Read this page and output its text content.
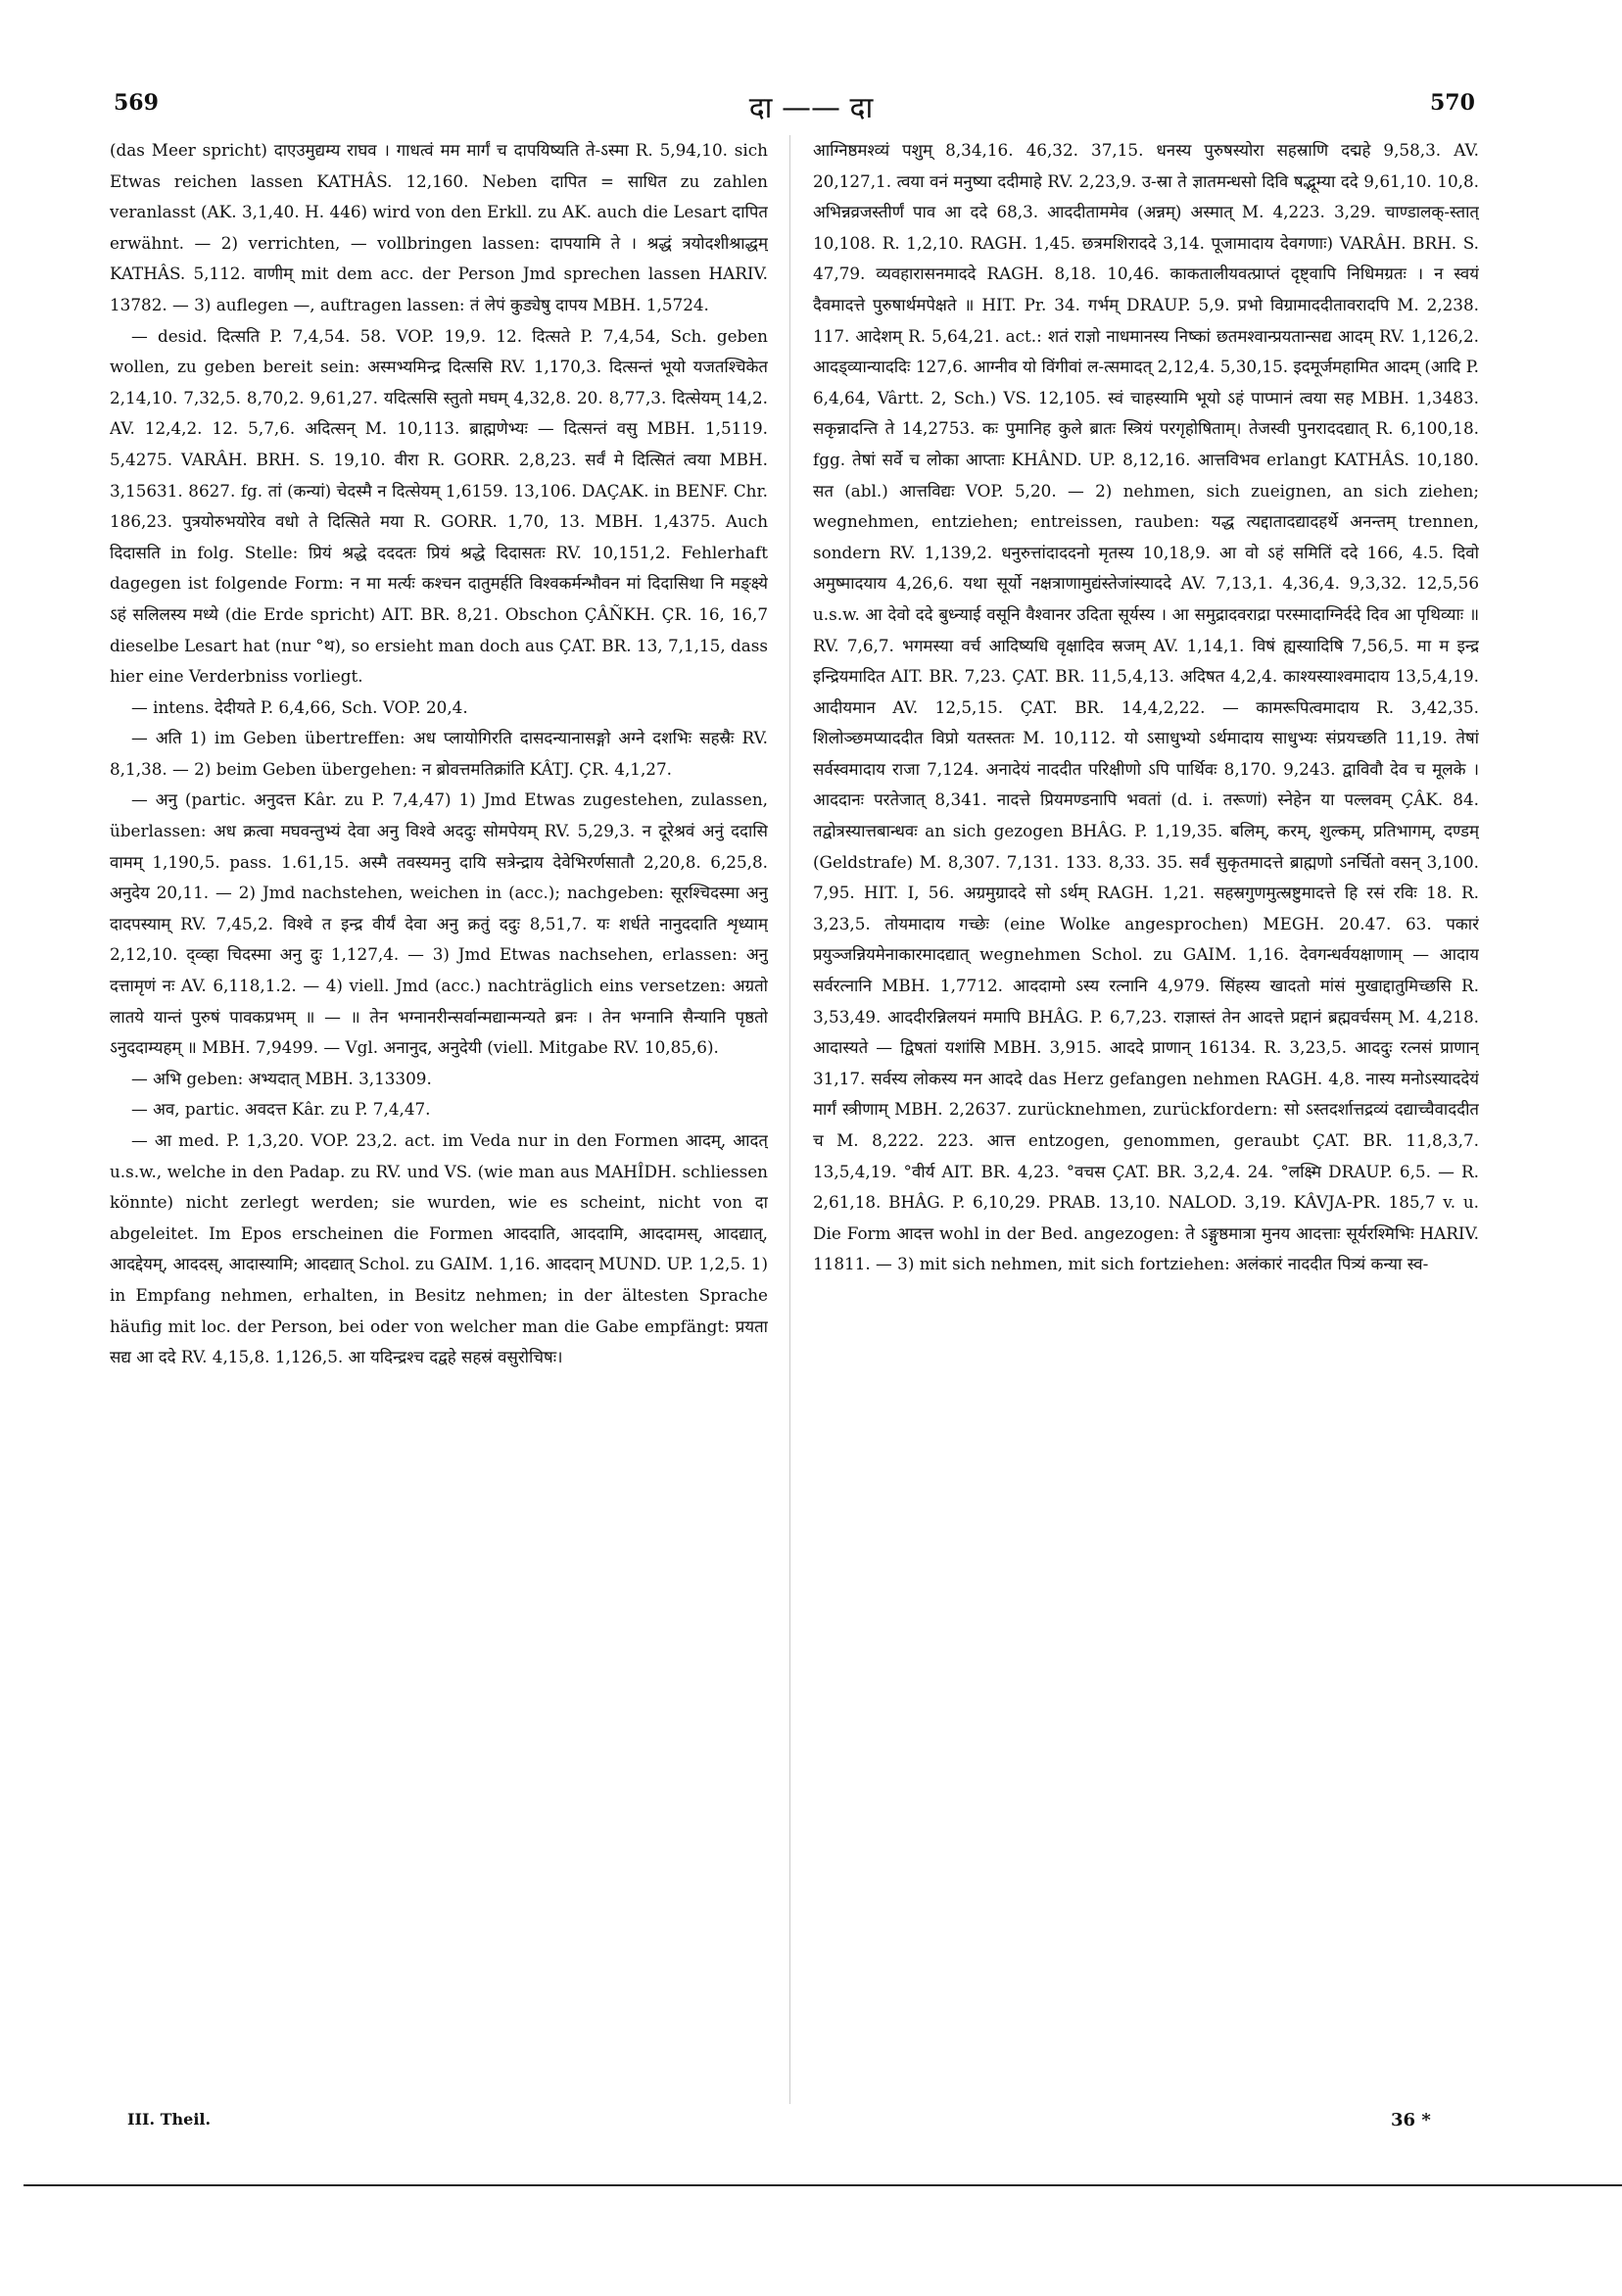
569	दा —— दा	570

(das Meer spricht) दाएउमुद्यम्य राघव । गाधत्वं मम मार्गं च दापयिष्यति ते-ऽस्मा R. 5,94,10. sich Etwas reichen lassen KATHÂS. 12,160. Neben दापित = साधित zu zahlen veranlasst (AK. 3,1,40. H. 446) wird von den Erkll. zu AK. auch die Lesart दापित erwähnt. — 2) verrichten, — vollbringen lassen: दापयामि ते । श्रद्धं त्रयोदशीश्राद्धम् KATHÂS. 5,112. वाणीम् mit dem acc. der Person Jmd sprechen lassen HARIV. 13782. — 3) auflegen —, auftragen lassen: तं लेपं कुड्येषु दापय MBH. 1,5724.

— desid. दित्सति P. 7,4,54. 58. VOP. 19,9. 12. दित्सते P. 7,4,54, Sch. geben wollen, zu geben bereit sein: अस्मभ्यमिन्द्र दित्ससि RV. 1,170,3. दित्सन्तं भूयो यजतश्चिकेत 2,14,10. 7,32,5. 8,70,2. 9,61,27. यदित्ससि स्तुतो मघम् 4,32,8. 20. 8,77,3. दित्सेयम् 14,2. AV. 12,4,2. 12. 5,7,6. अदित्सन् M. 10,113. ब्राह्मणेभ्यः — दित्सन्तं वसु MBH. 1,5119. 5,4275. VARÂH. BRH. S. 19,10. वीरा R. GORR. 2,8,23. सर्वं मे दित्सितं त्वया MBH. 3,15631. 8627. fg. तां (कन्यां) चेदस्मै न दित्सेयम् 1,6159. 13,106. DAÇAK. in BENF. Chr. 186,23. पुत्रयोरुभयोरेव वधो ते दित्सिते मया R. GORR. 1,70, 13. MBH. 1,4375. Auch दिदासति in folg. Stelle: प्रियं श्रद्धे दददतः प्रियं श्रद्धे दिदासतः RV. 10,151,2. Fehlerhaft dagegen ist folgende Form: न मा मर्त्यः कश्चन दातुमर्हति विश्वकर्मन्भौवन मां दिदासिथा नि मङ्क्ष्ये ऽहं सलिलस्य मध्ये (die Erde spricht) AIT. BR. 8,21. Obschon ÇÂÑKH. ÇR. 16, 16,7 dieselbe Lesart hat (nur °थ), so ersieht man doch aus ÇAT. BR. 13, 7,1,15, dass hier eine Verderbniss vorliegt.

— intens. देदीयते P. 6,4,66, Sch. VOP. 20,4.

— अति 1) im Geben übertreffen: अध प्लायोगिरति दासदन्यानासङ्गो अग्ने दशभिः सहस्रैः RV. 8,1,38. — 2) beim Geben übergehen: न ब्रोवत्तमतिक्रांति KÂTJ. ÇR. 4,1,27.

— अनु (partic. अनुदत्त Kâr. zu P. 7,4,47) 1) Jmd Etwas zugestehen, zulassen, überlassen: अध क्रत्वा मघवन्तुभ्यं देवा अनु विश्वे अददुः सोमपेयम् RV. 5,29,3. न दूरेश्रवं अनुं ददासि वामम् 1,190,5. pass. 1.61,15. अस्मै तवस्यमनु दायि सत्रेन्द्राय देवेभिरर्णसातौ 2,20,8. 6,25,8. अनुदेय 20,11. — 2) Jmd nachstehen, weichen in (acc.); nachgeben: सूरश्चिदस्मा अनु दादपस्याम् RV. 7,45,2. विश्वे त इन्द्र वीर्यं देवा अनु क्रतुं ददुः 8,51,7. यः शर्धते नानुददाति शृध्याम् 2,12,10. द्व्व्हा चिदस्मा अनु दुः 1,127,4. — 3) Jmd Etwas nachsehen, erlassen: अनु दत्तामृणं नः AV. 6,118,1.2. — 4) viell. Jmd (acc.) nachträglich eins versetzen: अग्रतो लातये यान्तं पुरुषं पावकप्रभम् ॥ — ॥ तेन भग्नानरीन्सर्वान्मद्यान्मन्यते ब्रनः । तेन भग्नानि सैन्यानि पृष्ठतो ऽनुददाम्यहम् ॥ MBH. 7,9499. — Vgl. अनानुद, अनुदेयी (viell. Mitgabe RV. 10,85,6).

— अभि geben: अभ्यदात् MBH. 3,13309.

— अव, partic. अवदत्त Kâr. zu P. 7,4,47.

— आ med. P. 1,3,20. VOP. 23,2. act. im Veda nur in den Formen आदम्, आदत् u.s.w., welche in den Padap. zu RV. und VS. (wie man aus MAHÎDH. schliessen könnte) nicht zerlegt werden; sie wurden, wie es scheint, nicht von दा abgeleitet. Im Epos erscheinen die Formen आददाति, आददामि, आददामस्, आदद्यात्, आदद्देयम्, आददस्, आदास्यामि; आदद्यात् Schol. zu GAIM. 1,16. आददान् MUND. UP. 1,2,5. 1) in Empfang nehmen, erhalten, in Besitz nehmen; in der ältesten Sprache häufig mit loc. der Person, bei oder von welcher man die Gabe empfängt: प्रयता सद्य आ ददे RV. 4,15,8. 1,126,5. आ यदिन्द्रश्च दद्वहे सहस्रं वसुरोचिषः।

आग्निष्ठमश्व्यं पशुम् 8,34,16. 46,32. 37,15. धनस्य पुरुषस्योरा सहस्राणि दद्महे 9,58,3. AV. 20,127,1. त्वया वनं मनुष्या ददीमाहे RV. 2,23,9. उ-स्रा ते ज्ञातमन्धसो दिवि षद्भूम्या ददे 9,61,10. 10,8. अभिन्नव्रजस्तीर्णं पाव आ ददे 68,3. आददीताममेव (अन्नम्) अस्मात् M. 4,223. 3,29. चाण्डालक्-स्तात् 10,108. R. 1,2,10. RAGH. 1,45. छत्रमशिराददे 3,14. पूजामादाय देवगणाः) VARÂH. BRH. S. 47,79. व्यवहारासनमाददे RAGH. 8,18. 10,46. काकतालीयवत्प्राप्तं दृष्ट्वापि निधिमग्रतः । न स्वयं दैवमादत्ते पुरुषार्थमपेक्षते ॥ HIT. Pr. 34. गर्भम् DRAUP. 5,9. प्रभो विग्रामाददीतावरादपि M. 2,238. 117. आदेशम् R. 5,64,21. act.: शतं राज्ञो नाधमानस्य निष्कां छतमश्वान्प्रयतान्सद्य आदम् RV. 1,126,2. आदड्व्यान्याददिः 127,6. आग्नीव यो विंगीवां ल-त्समादत् 2,12,4. 5,30,15. इदमूर्जमहामित आदम् (आदि P. 6,4,64, Vârtt. 2, Sch.) VS. 12,105. स्वं चाहस्यामि भूयो ऽहं पाप्मानं त्वया सह MBH. 1,3483. सकृन्नादन्ति ते 14,2753. कः पुमानिह कुले ब्रातः स्त्रियं परगृहोषिताम्। तेजस्वी पुनराददद्यात् R. 6,100,18. fgg. तेषां सर्वे च लोका आप्ताः KHÂND. UP. 8,12,16. आत्तविभव erlangt KATHÂS. 10,180. सत (abl.) आत्तविद्यः VOP. 5,20. — 2) nehmen, sich zueignen, an sich ziehen; wegnehmen, entziehen; entreissen, rauben: यद्ध त्यद्दातादद्यादहर्थे अनन्तम् trennen, sondern RV. 1,139,2. धनुरुत्तांदाददनो मृतस्य 10,18,9. आ वो ऽहं समितिं ददे 166, 4.5. दिवो अमुष्मादयाय 4,26,6. यथा सूर्यो नक्षत्राणामुद्यंस्तेजांस्याददे AV. 7,13,1. 4,36,4. 9,3,32. 12,5,56 u.s.w. आ देवो ददे बुध्न्याई वसूनि वैश्वानर उदिता सूर्यस्य । आ समुद्रादवराद्रा परस्मादाग्निर्ददे दिव आ पृथिव्याः ॥ RV. 7,6,7. भगमस्या वर्च आदिष्यधि वृक्षादिव स्रजम् AV. 1,14,1. विषं ह्यस्यादिषि 7,56,5. मा म इन्द्र इन्द्रियमादित AIT. BR. 7,23. ÇAT. BR. 11,5,4,13. अदिषत 4,2,4. काश्यस्याश्वमादाय 13,5,4,19. आदीयमान AV. 12,5,15. ÇAT. BR. 14,4,2,22. — कामरूपित्वमादाय R. 3,42,35. शिलोञ्छमप्याददीत विप्रो यतस्ततः M. 10,112. यो ऽसाधुभ्यो ऽर्थमादाय साधुभ्यः संप्रयच्छति 11,19. तेषां सर्वस्वमादाय राजा 7,124. अनादेयं नाददीत परिक्षीणो ऽपि पार्थिवः 8,170. 9,243. द्वाविवौ देव च मूलके । आददानः परतेजात् 8,341. नादत्ते प्रियमण्डनापि भवतां (d. i. तरूणां) स्नेहेन या पल्लवम् ÇÂK. 84. तद्वोत्रस्यात्तबान्धवः an sich gezogen BHÂG. P. 1,19,35. बलिम्, करम्, शुल्कम्, प्रतिभागम्, दण्डम् (Geldstrafe) M. 8,307. 7,131. 133. 8,33. 35. सर्वं सुकृतमादत्ते ब्राह्मणो ऽनर्चितो वसन् 3,100. 7,95. HIT. I, 56. अग्रमुग्राददे सो ऽर्थम् RAGH. 1,21. सहस्रगुणमुत्स्रष्टुमादत्ते हि रसं रविः 18. R. 3,23,5. तोयमादाय गच्छेः (eine Wolke angesprochen) MEGH. 20.47. 63. पकारं प्रयुञ्जन्नियमेनाकारमादद्यात् wegnehmen Schol. zu GAIM. 1,16. देवगन्धर्वयक्षाणाम् — आदाय सर्वरत्नानि MBH. 1,7712. आददामो ऽस्य रत्नानि 4,979. सिंहस्य खादतो मांसं मुखाद्दातुमिच्छसि R. 3,53,49. आददीरन्निलयनं ममापि BHÂG. P. 6,7,23. राज्ञास्तं तेन आदत्ते प्रद्दानं ब्रह्मवर्चसम् M. 4,218. आदास्यते — द्विषतां यशांसि MBH. 3,915. आददे प्राणान् 16134. R. 3,23,5. आददुः रत्नसं प्राणान् 31,17. सर्वस्य लोकस्य मन आददे das Herz gefangen nehmen RAGH. 4,8. नास्य मनोऽस्याददेयं मार्गं स्त्रीणाम् MBH. 2,2637. zurücknehmen, zurückfordern: सो ऽस्तदर्शात्तद्रव्यं दद्याच्चैवाददीत च M. 8,222. 223. आत्त entzogen, genommen, geraubt ÇAT. BR. 11,8,3,7. 13,5,4,19. °वीर्य AIT. BR. 4,23. °वचस ÇAT. BR. 3,2,4. 24. °लक्ष्मि DRAUP. 6,5. — R. 2,61,18. BHÂG. P. 6,10,29. PRAB. 13,10. NALOD. 3,19. KÂVJA-PR. 185,7 v. u. Die Form आदत्त wohl in der Bed. angezogen: ते ऽङ्गुष्ठमात्रा मुनय आदत्ताः सूर्यरश्मिभिः HARIV. 11811. — 3) mit sich nehmen, mit sich fortziehen: अलंकारं नाददीत पित्र्यं कन्या स्व-

III. Theil.	36 *
